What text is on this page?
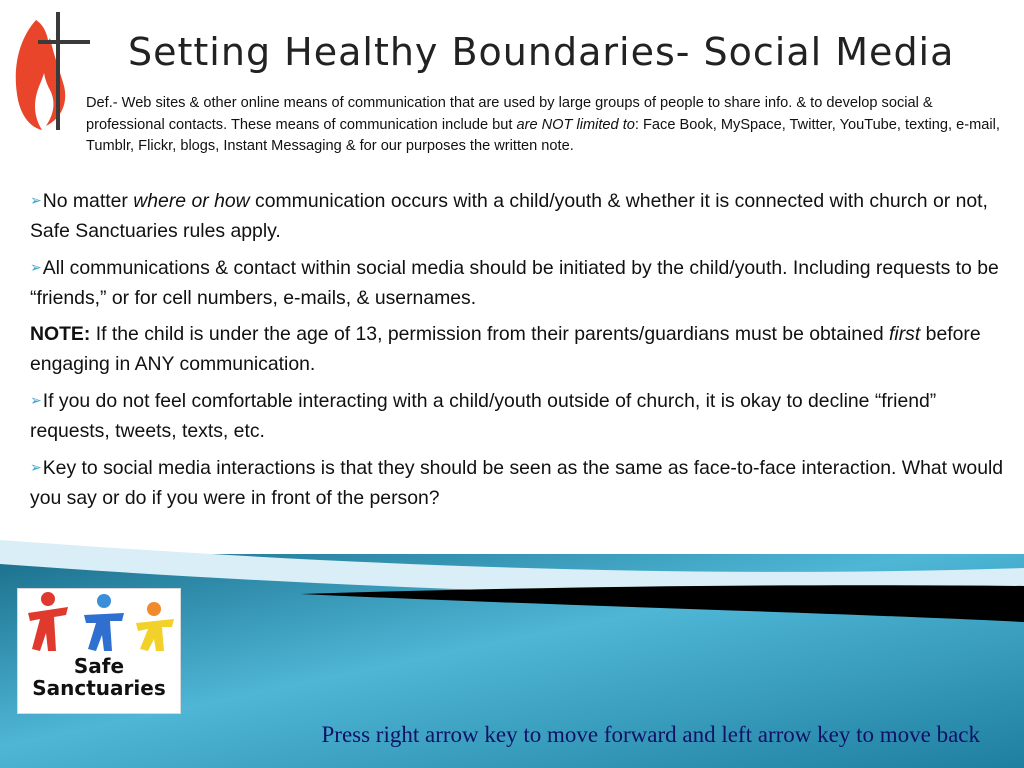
Setting Healthy Boundaries- Social Media
Def.- Web sites & other online means of communication that are used by large groups of people to share info. & to develop social & professional contacts. These means of communication include but are NOT limited to: Face Book, MySpace, Twitter, YouTube, texting, e-mail, Tumblr, Flickr, blogs, Instant Messaging & for our purposes the written note.
➢No matter where or how communication occurs with a child/youth & whether it is connected with church or not, Safe Sanctuaries rules apply.
➢All communications & contact within social media should be initiated by the child/youth. Including requests to be “friends,” or for cell numbers, e-mails, & usernames.
NOTE: If the child is under the age of 13, permission from their parents/guardians must be obtained first before engaging in ANY communication.
➢If you do not feel comfortable interacting with a child/youth outside of church, it is okay to decline “friend” requests, tweets, texts, etc.
➢Key to social media interactions is that they should be seen as the same as face-to-face interaction. What would you say or do if you were in front of the person?
Safe
Sanctuaries
Press right arrow key to move forward and left arrow key to move back
